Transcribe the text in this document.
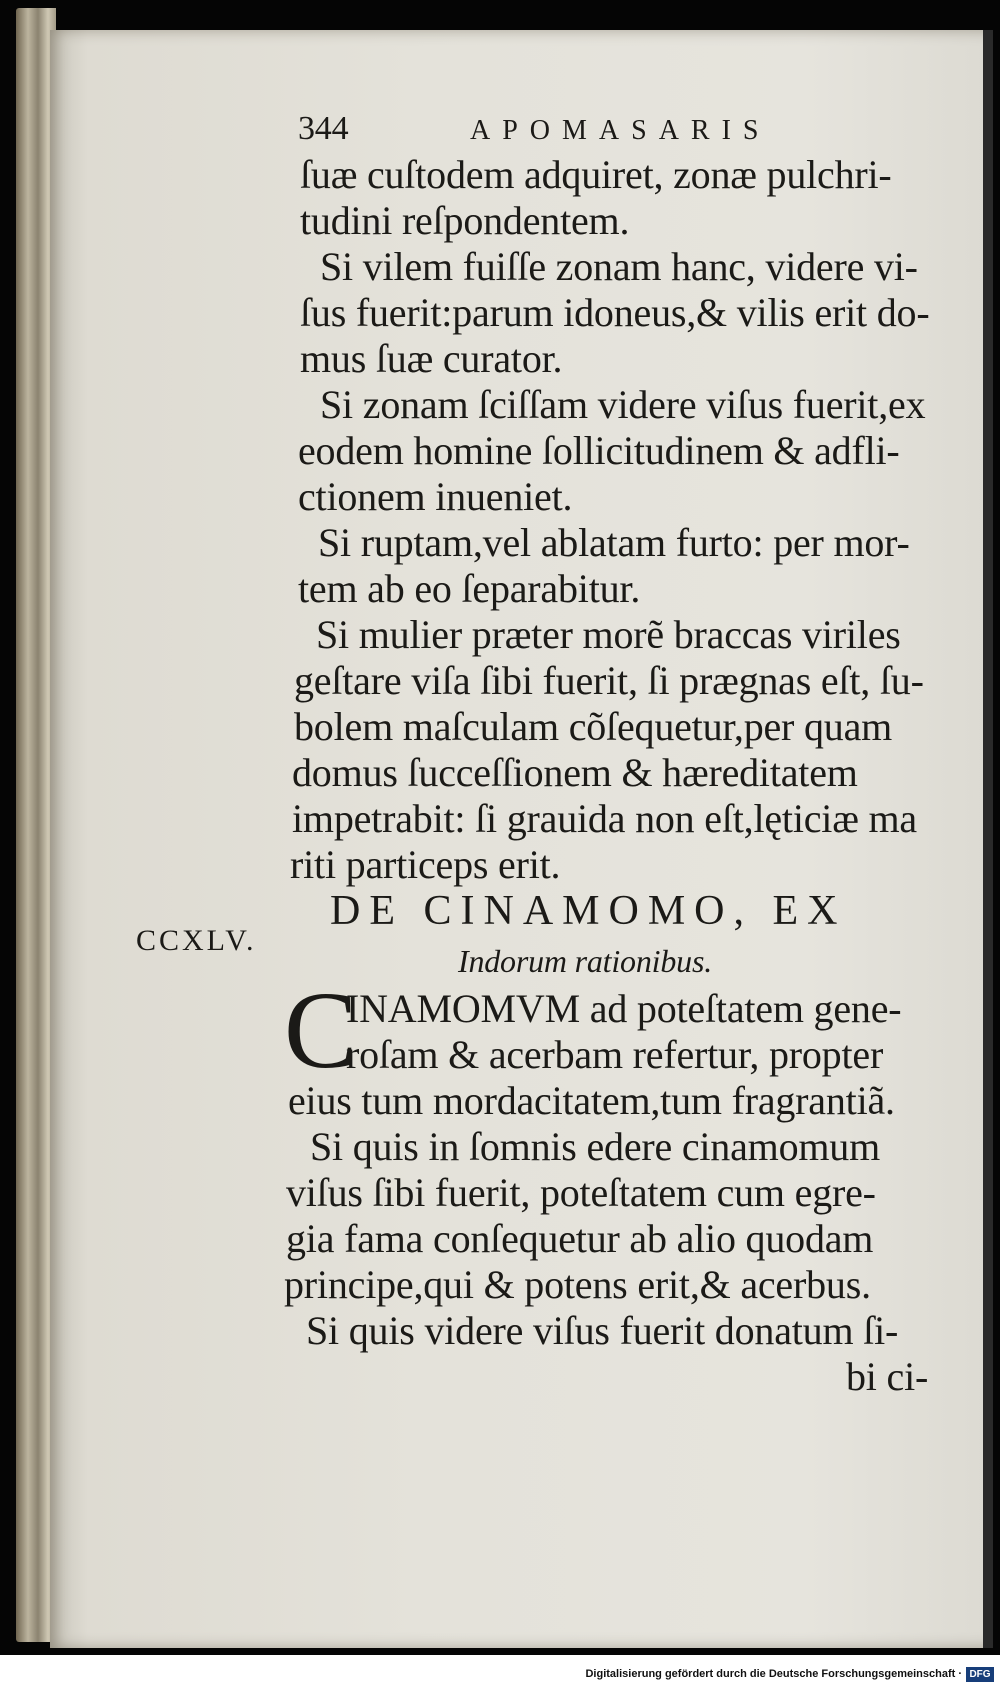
344	APOMASARIS

ſuæ cuſtodem adquiret, zonæ pulchri-

tudini reſpondentem.

Si vilem fuiſſe zonam hanc, videre vi-

ſus fuerit:parum idoneus,& vilis erit do-

mus ſuæ curator.

Si zonam ſciſſam videre viſus fuerit,ex

eodem homine ſollicitudinem & adfli-

ctionem inueniet.

Si ruptam,vel ablatam furto: per mor-

tem ab eo ſeparabitur.

Si mulier præter morẽ braccas viriles

geſtare viſa ſibi fuerit, ſi prægnas eſt, ſu-

bolem maſculam cõſequetur,per quam

domus ſucceſſionem & hæreditatem

impetrabit: ſi grauida non eſt,lęticiæ ma

riti particeps erit.

CCXLV.

DE CINAMOMO, EX

Indorum rationibus.

C

INAMOMVM ad poteſtatem gene-

roſam & acerbam refertur, propter

eius tum mordacitatem,tum fragrantiã.

Si quis in ſomnis edere cinamomum

viſus ſibi fuerit, poteſtatem cum egre-

gia fama conſequetur ab alio quodam

principe,qui & potens erit,& acerbus.

Si quis videre viſus fuerit donatum ſi-

bi ci-

Digitalisierung gefördert durch die Deutsche Forschungsgemeinschaft · DFG
